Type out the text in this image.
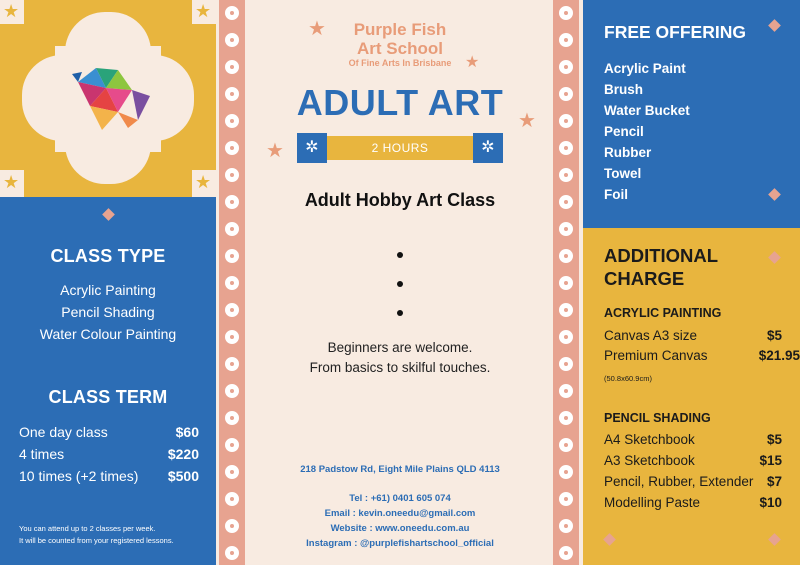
★	★
★	★
CLASS TYPE
Acrylic Painting
Pencil Shading
Water Colour Painting
CLASS TERM
One day class	$60
4 times	$220
10 times (+2 times) $500
You can attend up to 2 classes per week.
It will be counted from your registered lessons.
★
★
★
★
Purple Fish
Art School
Of Fine Arts In Brisbane
ADULT ART
✲	2 HOURS	✲
Adult Hobby Art Class
Beginners are welcome.
From basics to skilful touches.
218 Padstow Rd, Eight Mile Plains QLD 4113
Tel : +61) 0401 605 074
Email : kevin.oneedu@gmail.com
Website : www.oneedu.com.au
Instagram : @purplefishartschool_official
FREE OFFERING
Acrylic Paint
Brush
Water Bucket
Pencil
Rubber
Towel
Foil
ADDITIONAL
CHARGE
ACRYLIC PAINTING
Canvas A3 size	$5
Premium Canvas	$21.95
(50.8x60.9cm)
PENCIL SHADING
A4 Sketchbook	$5
A3 Sketchbook	$15
Pencil, Rubber, Extender $7
Modelling Paste	$10
